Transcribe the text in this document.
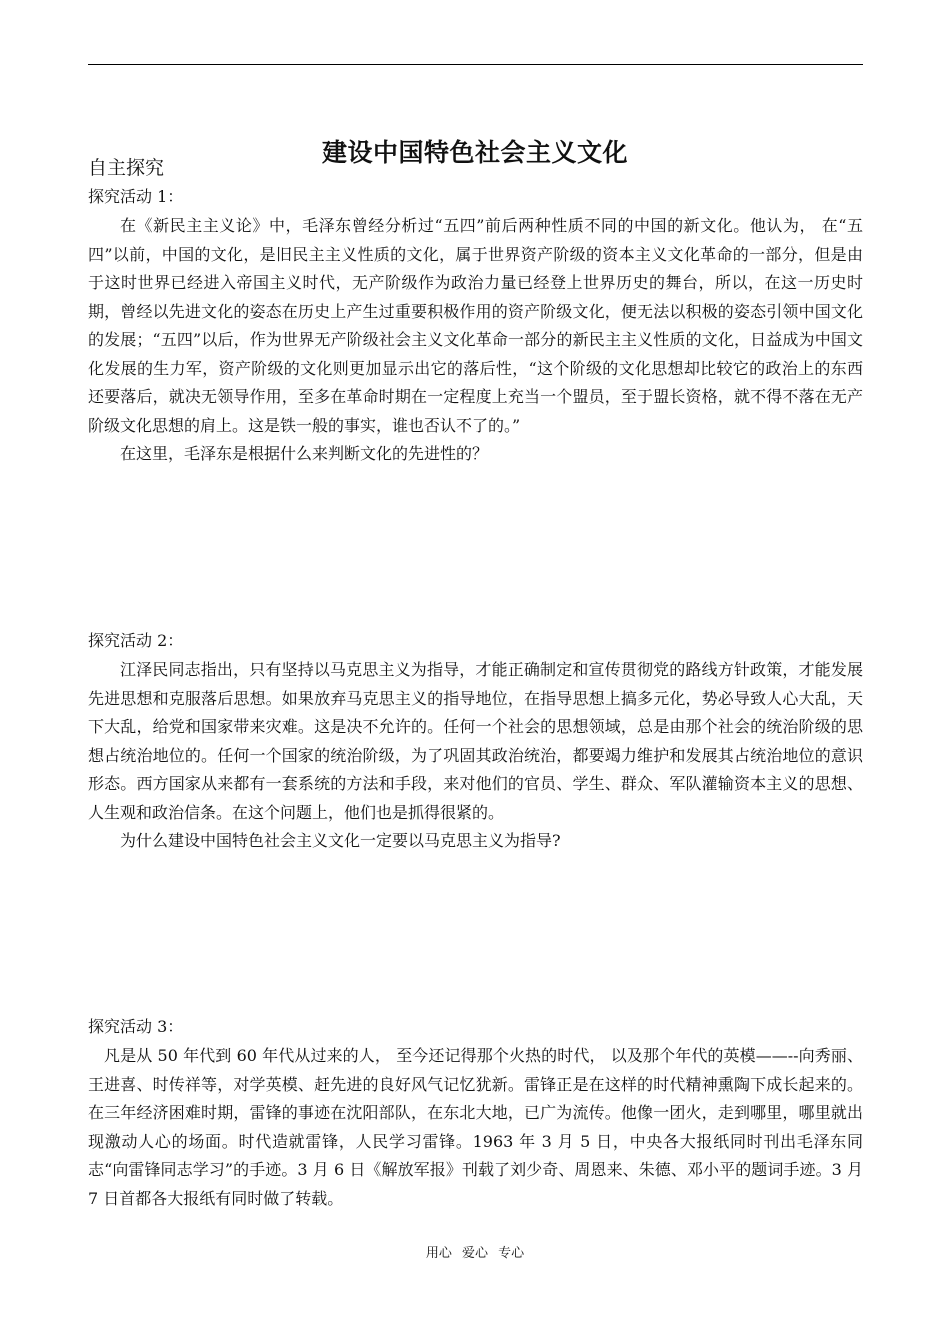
建设中国特色社会主义文化
自主探究

探究活动 1：

在《新民主主义论》中，毛泽东曾经分析过“五四”前后两种性质不同的中国的新文化。他认为， 在“五四”以前，中国的文化，是旧民主主义性质的文化，属于世界资产阶级的资本主义文化革命的一部分，但是由于这时世界已经进入帝国主义时代，无产阶级作为政治力量已经登上世界历史的舞台，所以，在这一历史时期，曾经以先进文化的姿态在历史上产生过重要积极作用的资产阶级文化，便无法以积极的姿态引领中国文化的发展；“五四”以后，作为世界无产阶级社会主义文化革命一部分的新民主主义性质的文化，日益成为中国文化发展的生力军，资产阶级的文化则更加显示出它的落后性，“这个阶级的文化思想却比较它的政治上的东西还要落后，就决无领导作用，至多在革命时期在一定程度上充当一个盟员，至于盟长资格，就不得不落在无产阶级文化思想的肩上。这是铁一般的事实，谁也否认不了的。”

在这里，毛泽东是根据什么来判断文化的先进性的？

探究活动 2：

江泽民同志指出，只有坚持以马克思主义为指导，才能正确制定和宣传贯彻党的路线方针政策，才能发展先进思想和克服落后思想。如果放弃马克思主义的指导地位，在指导思想上搞多元化，势必导致人心大乱，天下大乱，给党和国家带来灾难。这是决不允许的。任何一个社会的思想领域，总是由那个社会的统治阶级的思想占统治地位的。任何一个国家的统治阶级，为了巩固其政治统治，都要竭力维护和发展其占统治地位的意识形态。西方国家从来都有一套系统的方法和手段，来对他们的官员、学生、群众、军队灌输资本主义的思想、人生观和政治信条。在这个问题上，他们也是抓得很紧的。

为什么建设中国特色社会主义文化一定要以马克思主义为指导?

探究活动 3：

凡是从 50 年代到 60 年代从过来的人， 至今还记得那个火热的时代， 以及那个年代的英模——--向秀丽、王进喜、时传祥等，对学英模、赶先进的良好风气记忆犹新。雷锋正是在这样的时代精神熏陶下成长起来的。在三年经济困难时期，雷锋的事迹在沈阳部队，在东北大地，已广为流传。他像一团火，走到哪里，哪里就出现激动人心的场面。时代造就雷锋，人民学习雷锋。1963 年 3 月 5 日，中央各大报纸同时刊出毛泽东同志“向雷锋同志学习”的手迹。3 月 6 日《解放军报》刊载了刘少奇、周恩来、朱德、邓小平的题词手迹。3 月 7 日首都各大报纸有同时做了转载。

用心 爱心 专心
